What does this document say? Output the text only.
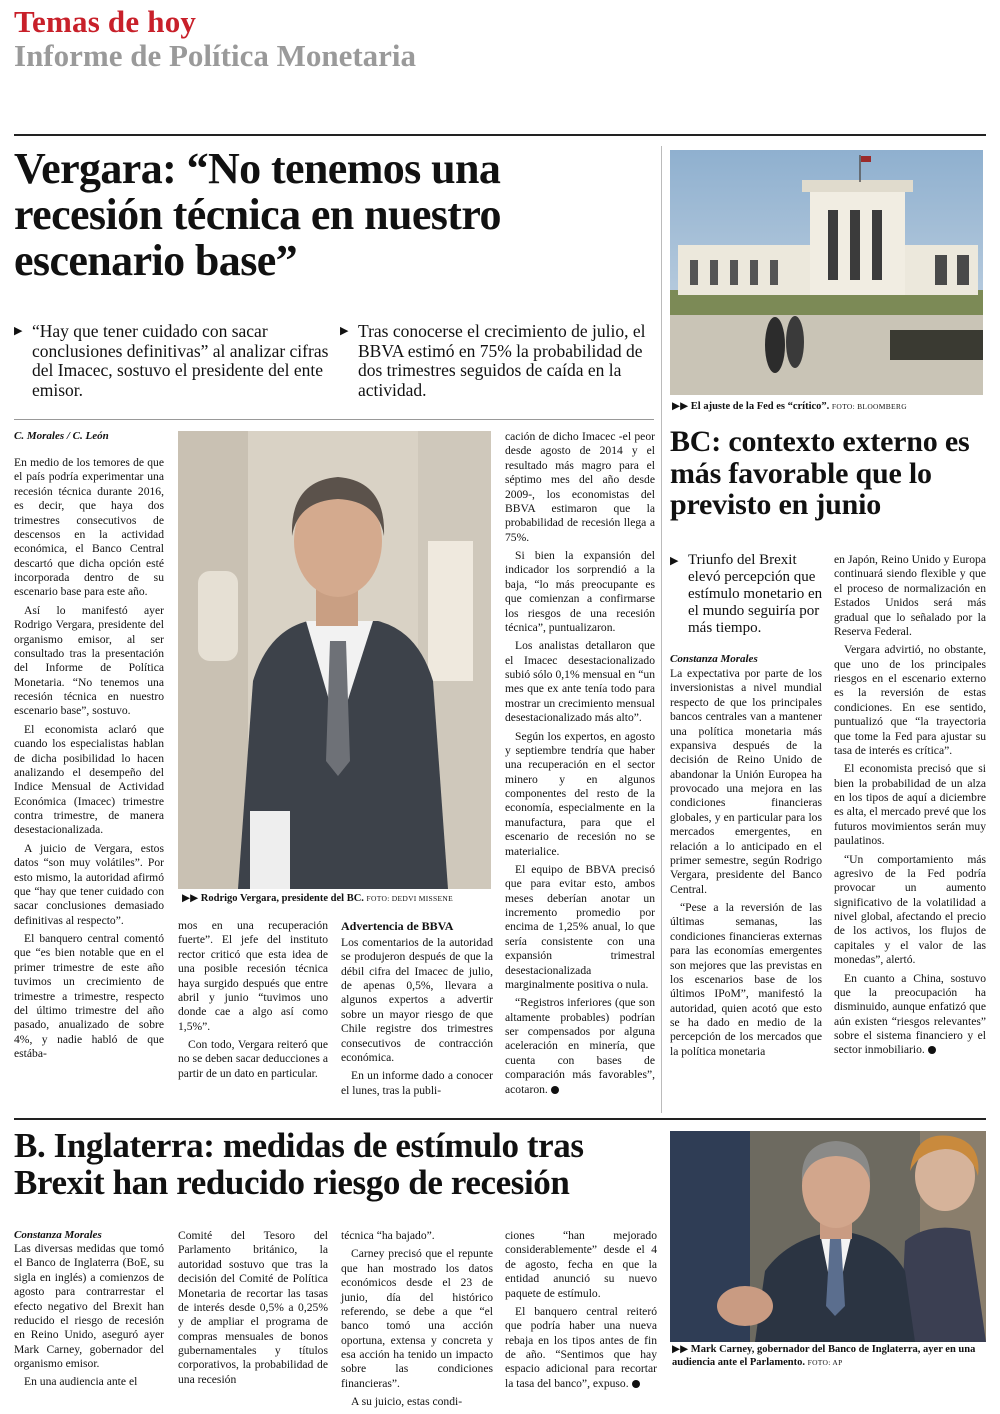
Temas de hoy
Informe de Política Monetaria
Vergara: “No tenemos una recesión técnica en nuestro escenario base”
▶ “Hay que tener cuidado con sacar conclusiones definitivas” al analizar cifras del Imacec, sostuvo el presidente del ente emisor.
▶ Tras conocerse el crecimiento de julio, el BBVA estimó en 75% la probabilidad de dos trimestres seguidos de caída en la actividad.
C. Morales / C. León

En medio de los temores de que el país podría experimentar una recesión técnica durante 2016, es decir, que haya dos trimestres consecutivos de descensos en la actividad económica, el Banco Central descartó que dicha opción esté incorporada dentro de su escenario base para este año.

Así lo manifestó ayer Rodrigo Vergara, presidente del organismo emisor, al ser consultado tras la presentación del Informe de Política Monetaria. “No tenemos una recesión técnica en nuestro escenario base”, sostuvo.

El economista aclaró que cuando los especialistas hablan de dicha posibilidad lo hacen analizando el desempeño del Indice Mensual de Actividad Económica (Imacec) trimestre contra trimestre, de manera desestacionalizada.

A juicio de Vergara, estos datos “son muy volátiles”. Por esto mismo, la autoridad afirmó que “hay que tener cuidado con sacar conclusiones demasiado definitivas al respecto”.

El banquero central comentó que “es bien notable que en el primer trimestre de este año tuvimos un crecimiento de trimestre a trimestre, respecto del último trimestre del año pasado, anualizado de sobre 4%, y nadie habló de que estába-

▶▶ Rodrigo Vergara, presidente del BC. FOTO: DEDVI MISSENE

mos en una recuperación fuerte”. El jefe del instituto rector criticó que esta idea de una posible recesión técnica haya surgido después que entre abril y junio “tuvimos uno donde cae a algo así como 1,5%”.

Con todo, Vergara reiteró que no se deben sacar deducciones a partir de un dato en particular.

Advertencia de BBVA

Los comentarios de la autoridad se produjeron después de que la débil cifra del Imacec de julio, de apenas 0,5%, llevara a algunos expertos a advertir sobre un mayor riesgo de que Chile registre dos trimestres consecutivos de contracción económica.

En un informe dado a conocer el lunes, tras la publi-

cación de dicho Imacec -el peor desde agosto de 2014 y el resultado más magro para el séptimo mes del año desde 2009-, los economistas del BBVA estimaron que la probabilidad de recesión llega a 75%.

Si bien la expansión del indicador los sorprendió a la baja, “lo más preocupante es que comienzan a confirmarse los riesgos de una recesión técnica”, puntualizaron.

Los analistas detallaron que el Imacec desestacionalizado subió sólo 0,1% mensual en “un mes que ex ante tenía todo para mostrar un crecimiento mensual desestacionalizado más alto”.

Según los expertos, en agosto y septiembre tendría que haber una recuperación en el sector minero y en algunos componentes del resto de la economía, especialmente en la manufactura, para que el escenario de recesión no se materialice.

El equipo de BBVA precisó que para evitar esto, ambos meses deberían anotar un incremento promedio por encima de 1,25% anual, lo que sería consistente con una expansión trimestral desestacionalizada marginalmente positiva o nula.

“Registros inferiores (que son altamente probables) podrían ser compensados por alguna aceleración en minería, que cuenta con bases de comparación más favorables”, acotaron.

▶▶ El ajuste de la Fed es “crítico”. FOTO: BLOOMBERG
BC: contexto externo es más favorable que lo previsto en junio
▶ Triunfo del Brexit elevó percepción que estímulo monetario en el mundo seguiría por más tiempo.
Constanza Morales

La expectativa por parte de los inversionistas a nivel mundial respecto de que los principales bancos centrales van a mantener una política monetaria más expansiva después de la decisión de Reino Unido de abandonar la Unión Europea ha provocado una mejora en las condiciones financieras globales, y en particular para los mercados emergentes, en relación a lo anticipado en el primer semestre, según Rodrigo Vergara, presidente del Banco Central.

“Pese a la reversión de las últimas semanas, las condiciones financieras externas para las economías emergentes son mejores que las previstas en los escenarios base de los últimos IPoM”, manifestó la autoridad, quien acotó que esto se ha dado en medio de la percepción de los mercados que la política monetaria

en Japón, Reino Unido y Europa continuará siendo flexible y que el proceso de normalización en Estados Unidos será más gradual que lo señalado por la Reserva Federal.

Vergara advirtió, no obstante, que uno de los principales riesgos en el escenario externo es la reversión de estas condiciones. En ese sentido, puntualizó que “la trayectoria que tome la Fed para ajustar su tasa de interés es crítica”.

El economista precisó que si bien la probabilidad de un alza en los tipos de aquí a diciembre es alta, el mercado prevé que los futuros movimientos serán muy paulatinos.

“Un comportamiento más agresivo de la Fed podría provocar un aumento significativo de la volatilidad a nivel global, afectando el precio de los activos, los flujos de capitales y el valor de las monedas”, alertó.

En cuanto a China, sostuvo que la preocupación ha disminuido, aunque enfatizó que aún existen “riesgos relevantes” sobre el sistema financiero y el sector inmobiliario.

B. Inglaterra: medidas de estímulo tras Brexit han reducido riesgo de recesión
Constanza Morales

Las diversas medidas que tomó el Banco de Inglaterra (BoE, su sigla en inglés) a comienzos de agosto para contrarrestar el efecto negativo del Brexit han reducido el riesgo de recesión en Reino Unido, aseguró ayer Mark Carney, gobernador del organismo emisor.

En una audiencia ante el

Comité del Tesoro del Parlamento británico, la autoridad sostuvo que tras la decisión del Comité de Política Monetaria de recortar las tasas de interés desde 0,5% a 0,25% y de ampliar el programa de compras mensuales de bonos gubernamentales y títulos corporativos, la probabilidad de una recesión

técnica “ha bajado”.

Carney precisó que el repunte que han mostrado los datos económicos desde el 23 de junio, día del histórico referendo, se debe a que “el banco tomó una acción oportuna, extensa y concreta y esa acción ha tenido un impacto sobre las condiciones financieras”.

A su juicio, estas condi-

ciones “han mejorado considerablemente” desde el 4 de agosto, fecha en que la entidad anunció su nuevo paquete de estímulo.

El banquero central reiteró que podría haber una nueva rebaja en los tipos antes de fin de año. “Sentimos que hay espacio adicional para recortar la tasa del banco”, expuso.

▶▶ Mark Carney, gobernador del Banco de Inglaterra, ayer en una audiencia ante el Parlamento. FOTO: AP
